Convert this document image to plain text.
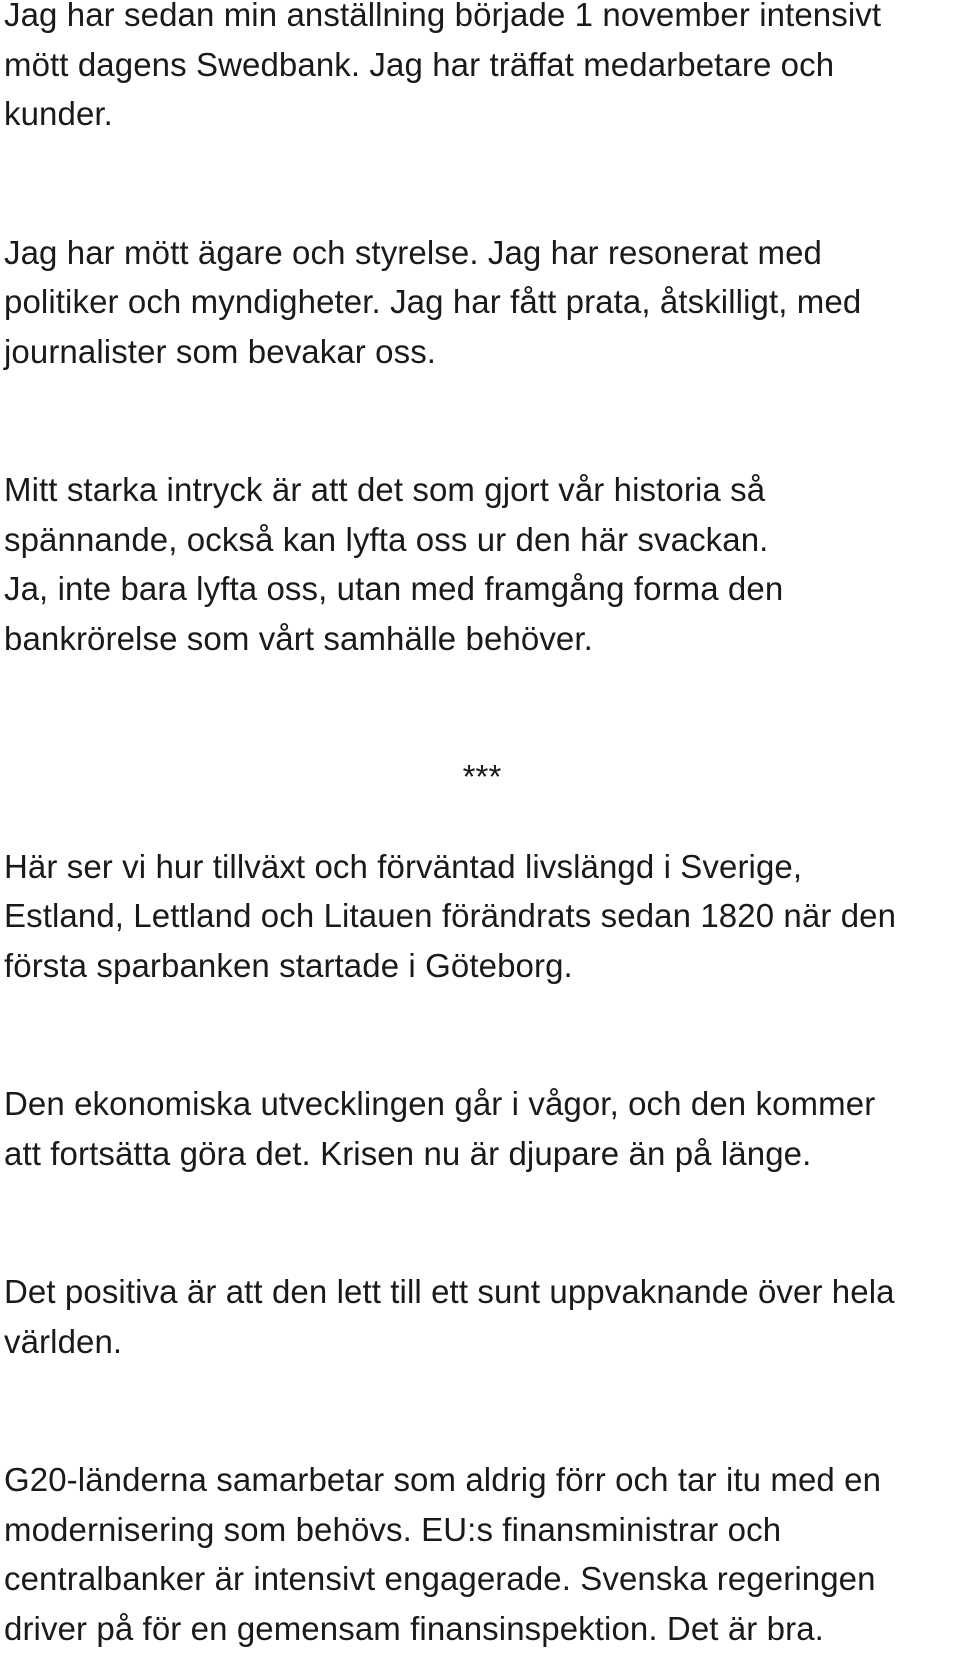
Jag har sedan min anställning började 1 november intensivt
mött dagens Swedbank. Jag har träffat medarbetare och
kunder.
Jag har mött ägare och styrelse. Jag har resonerat med
politiker och myndigheter. Jag har fått prata, åtskilligt, med
journalister som bevakar oss.
Mitt starka intryck är att det som gjort vår historia så
spännande, också kan lyfta oss ur den här svackan.
Ja, inte bara lyfta oss, utan med framgång forma den
bankrörelse som vårt samhälle behöver.
***
Här ser vi hur tillväxt och förväntad livslängd i Sverige,
Estland, Lettland och Litauen förändrats sedan 1820 när den
första sparbanken startade i Göteborg.
Den ekonomiska utvecklingen går i vågor, och den kommer
att fortsätta göra det. Krisen nu är djupare än på länge.
Det positiva är att den lett till ett sunt uppvaknande över hela
världen.
G20-länderna samarbetar som aldrig förr och tar itu med en
modernisering som behövs. EU:s finansministrar och
centralbanker är intensivt engagerade. Svenska regeringen
driver på för en gemensam finansinspektion. Det är bra.
